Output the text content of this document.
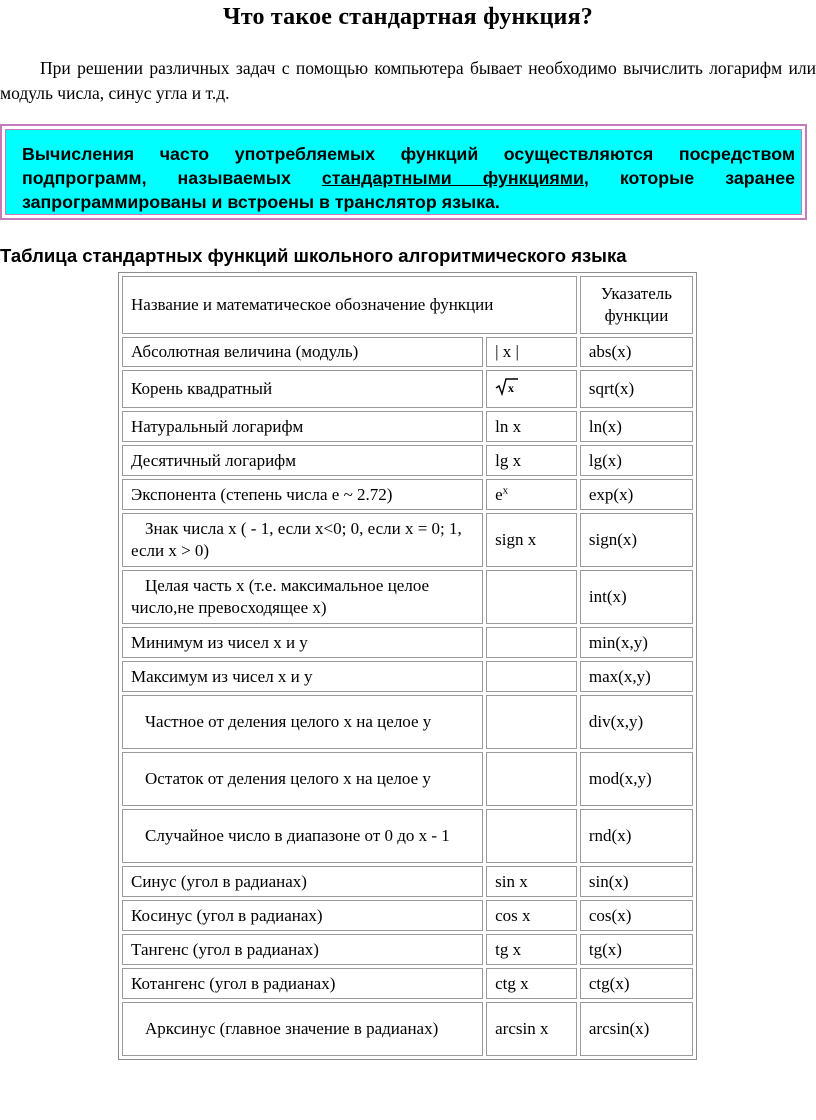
Что такое стандартная функция?
При решении различных задач с помощью компьютера бывает необходимо вычислить логарифм или модуль числа, синус угла и т.д.
Вычисления часто употребляемых функций осуществляются посредством подпрограмм, называемых стандартными функциями, которые заранее запрограммированы и встроены в транслятор языка.
Таблица стандартных функций школьного алгоритмического языка
Название и математическое обозначение функции		Указатель функции
Абсолютная величина (модуль)	| x |	abs(x)
Корень квадратный	x	sqrt(x)
Натуральный логарифм	ln x	ln(x)
Десятичный логарифм	lg x	lg(x)
Экспонента (степень числа e ~ 2.72)	$e^x$	exp(x)
Знак числа x ( - 1, если x<0; 0, если x = 0; 1, если x > 0)	sign x	sign(x)
Целая часть x (т.е. максимальное целое число,не превосходящее x)		int(x)
Минимум из чисел x и y		min(x,y)
Максимум из чисел x и y		max(x,y)
Частное от деления целого x на целое y		div(x,y)
Остаток от деления целого x на целое y		mod(x,y)
Случайное число в диапазоне от 0 до x - 1		rnd(x)
Синус (угол в радианах)	sin x	sin(x)
Косинус (угол в радианах)	cos x	cos(x)
Тангенс (угол в радианах)	tg x	tg(x)
Котангенс (угол в радианах)	ctg x	ctg(x)
Арксинус (главное значение в радианах)	arcsin x	arcsin(x)
